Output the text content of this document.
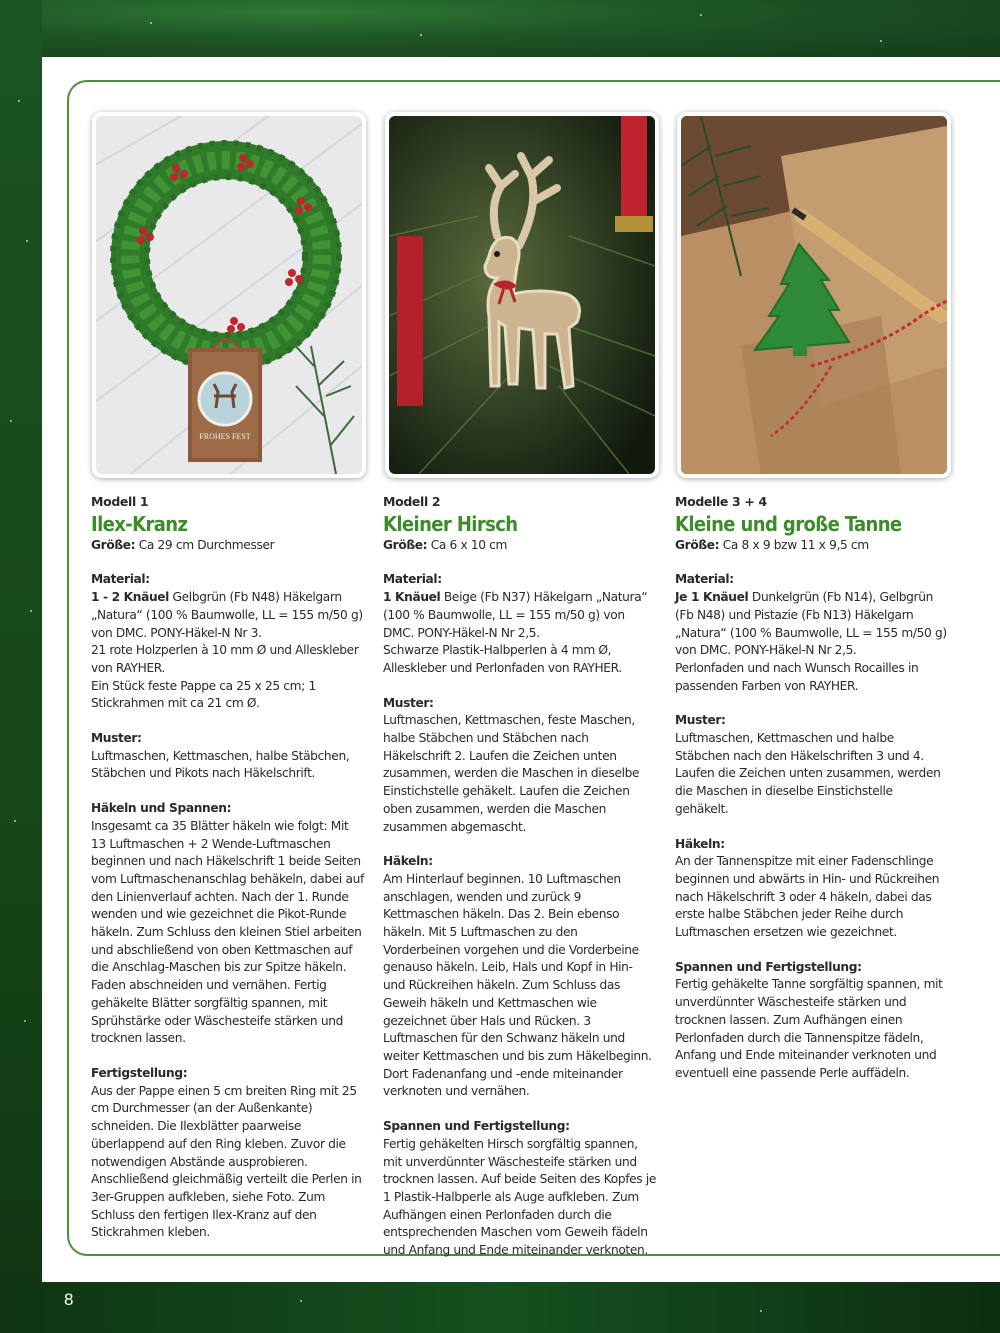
FROHES FEST

Modell 1

Ilex-Kranz

Größe: Ca 29 cm Durchmesser

Material:

1 - 2 Knäuel Gelbgrün (Fb N48) Häkelgarn „Natura“ (100 % Baumwolle, LL = 155 m/50 g) von DMC. PONY-Häkel-N Nr 3.

21 rote Holzperlen à 10 mm Ø und Alleskleber von RAYHER.

Ein Stück feste Pappe ca 25 x 25 cm; 1 Stickrahmen mit ca 21 cm Ø.

Muster:

Luftmaschen, Kettmaschen, halbe Stäbchen, Stäbchen und Pikots nach Häkelschrift.

Häkeln und Spannen:

Insgesamt ca 35 Blätter häkeln wie folgt: Mit 13 Luftmaschen + 2 Wende-Luftmaschen beginnen und nach Häkelschrift 1 beide Seiten vom Luftmaschenanschlag behäkeln, dabei auf den Linienverlauf achten. Nach der 1. Runde wenden und wie gezeichnet die Pikot-Runde häkeln. Zum Schluss den kleinen Stiel arbeiten und abschließend von oben Kettmaschen auf die Anschlag-Maschen bis zur Spitze häkeln. Faden abschneiden und vernähen. Fertig gehäkelte Blätter sorgfältig spannen, mit Sprühstärke oder Wäschesteife stärken und trocknen lassen.

Fertigstellung:

Aus der Pappe einen 5 cm breiten Ring mit 25 cm Durchmesser (an der Außenkante) schneiden. Die Ilexblätter paarweise überlappend auf den Ring kleben. Zuvor die notwendigen Abstände ausprobieren. Anschließend gleichmäßig verteilt die Perlen in 3er-Gruppen aufkleben, siehe Foto. Zum Schluss den fertigen Ilex-Kranz auf den Stickrahmen kleben.

Modell 2

Kleiner Hirsch

Größe: Ca 6 x 10 cm

Material:

1 Knäuel Beige (Fb N37) Häkelgarn „Natura“ (100 % Baumwolle, LL = 155 m/50 g) von DMC. PONY-Häkel-N Nr 2,5.

Schwarze Plastik-Halbperlen à 4 mm Ø, Alleskleber und Perlonfaden von RAYHER.

Muster:

Luftmaschen, Kettmaschen, feste Maschen, halbe Stäbchen und Stäbchen nach Häkelschrift 2. Laufen die Zeichen unten zusammen, werden die Maschen in dieselbe Einstichstelle gehäkelt. Laufen die Zeichen oben zusammen, werden die Maschen zusammen abgemascht.

Häkeln:

Am Hinterlauf beginnen. 10 Luftmaschen anschlagen, wenden und zurück 9 Kettmaschen häkeln. Das 2. Bein ebenso häkeln. Mit 5 Luftmaschen zu den Vorderbeinen vorgehen und die Vorderbeine genauso häkeln. Leib, Hals und Kopf in Hin- und Rückreihen häkeln. Zum Schluss das Geweih häkeln und Kettmaschen wie gezeichnet über Hals und Rücken. 3 Luftmaschen für den Schwanz häkeln und weiter Kettmaschen und bis zum Häkelbeginn. Dort Fadenanfang und -ende miteinander verknoten und vernähen.

Spannen und Fertigstellung:

Fertig gehäkelten Hirsch sorgfältig spannen, mit unverdünnter Wäschesteife stärken und trocknen lassen. Auf beide Seiten des Kopfes je 1 Plastik-Halbperle als Auge aufkleben. Zum Aufhängen einen Perlonfaden durch die entsprechenden Maschen vom Geweih fädeln und Anfang und Ende miteinander verknoten.

Modelle 3 + 4

Kleine und große Tanne

Größe: Ca 8 x 9 bzw 11 x 9,5 cm

Material:

Je 1 Knäuel Dunkelgrün (Fb N14), Gelbgrün (Fb N48) und Pistazie (Fb N13) Häkelgarn „Natura“ (100 % Baumwolle, LL = 155 m/50 g) von DMC. PONY-Häkel-N Nr 2,5.

Perlonfaden und nach Wunsch Rocailles in passenden Farben von RAYHER.

Muster:

Luftmaschen, Kettmaschen und halbe Stäbchen nach den Häkelschriften 3 und 4. Laufen die Zeichen unten zusammen, werden die Maschen in dieselbe Einstichstelle gehäkelt.

Häkeln:

An der Tannenspitze mit einer Fadenschlinge beginnen und abwärts in Hin- und Rückreihen nach Häkelschrift 3 oder 4 häkeln, dabei das erste halbe Stäbchen jeder Reihe durch Luftmaschen ersetzen wie gezeichnet.

Spannen und Fertigstellung:

Fertig gehäkelte Tanne sorgfältig spannen, mit unverdünnter Wäschesteife stärken und trocknen lassen. Zum Aufhängen einen Perlonfaden durch die Tannenspitze fädeln, Anfang und Ende miteinander verknoten und eventuell eine passende Perle auffädeln.

8
